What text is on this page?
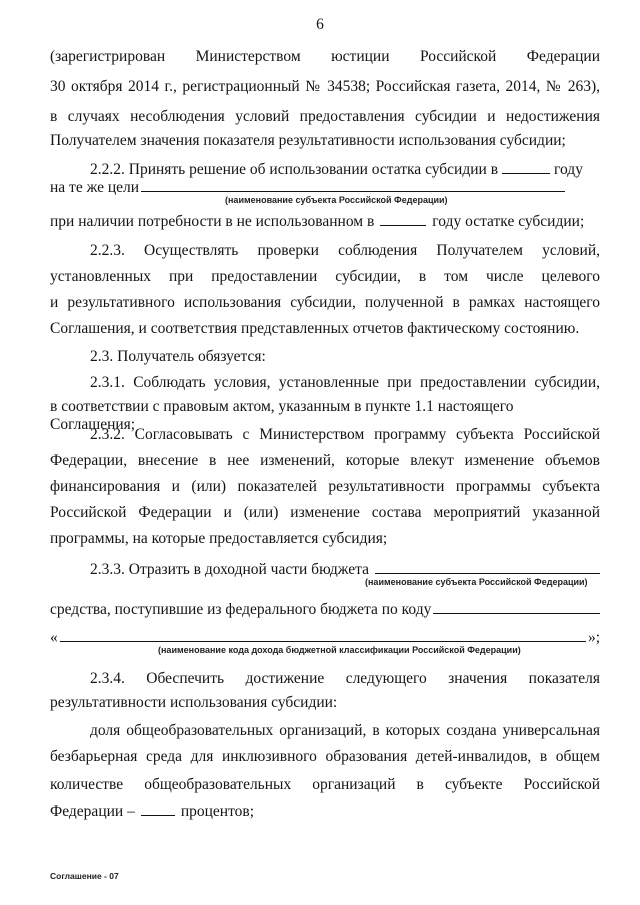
6

(зарегистрирован Министерством юстиции Российской Федерации

30 октября 2014 г., регистрационный № 34538; Российская газета, 2014, № 263),

в случаях несоблюдения условий предоставления субсидии и недостижения

Получателем значения показателя результативности использования субсидии;

2.2.2. Принять решение об использовании остатка субсидии в	году
на те же цели
(наименование субъекта Российской Федерации)
при наличии потребности в не использованном в	году остатке субсидии;

2.2.3. Осуществлять проверки соблюдения Получателем условий,

установленных при предоставлении субсидии, в том числе целевого

и результативного использования субсидии, полученной в рамках настоящего

Соглашения, и соответствия представленных отчетов фактическому состоянию.

2.3. Получатель обязуется:

2.3.1. Соблюдать условия, установленные при предоставлении субсидии,

в соответствии с правовым актом, указанным в пункте 1.1 настоящего Соглашения;

2.3.2. Согласовывать с Министерством программу субъекта Российской

Федерации, внесение в нее изменений, которые влекут изменение объемов

финансирования и (или) показателей результативности программы субъекта

Российской Федерации и (или) изменение состава мероприятий указанной

программы, на которые предоставляется субсидия;

2.3.3. Отразить в доходной части бюджета
(наименование субъекта Российской Федерации)
средства, поступившие из федерального бюджета по коду
«	»;
(наименование кода дохода бюджетной классификации Российской Федерации)

2.3.4. Обеспечить достижение следующего значения показателя

результативности использования субсидии:

доля общеобразовательных организаций, в которых создана универсальная

безбарьерная среда для инклюзивного образования детей-инвалидов, в общем

количестве общеобразовательных организаций в субъекте Российской

Федерации –	процентов;
Соглашение - 07
